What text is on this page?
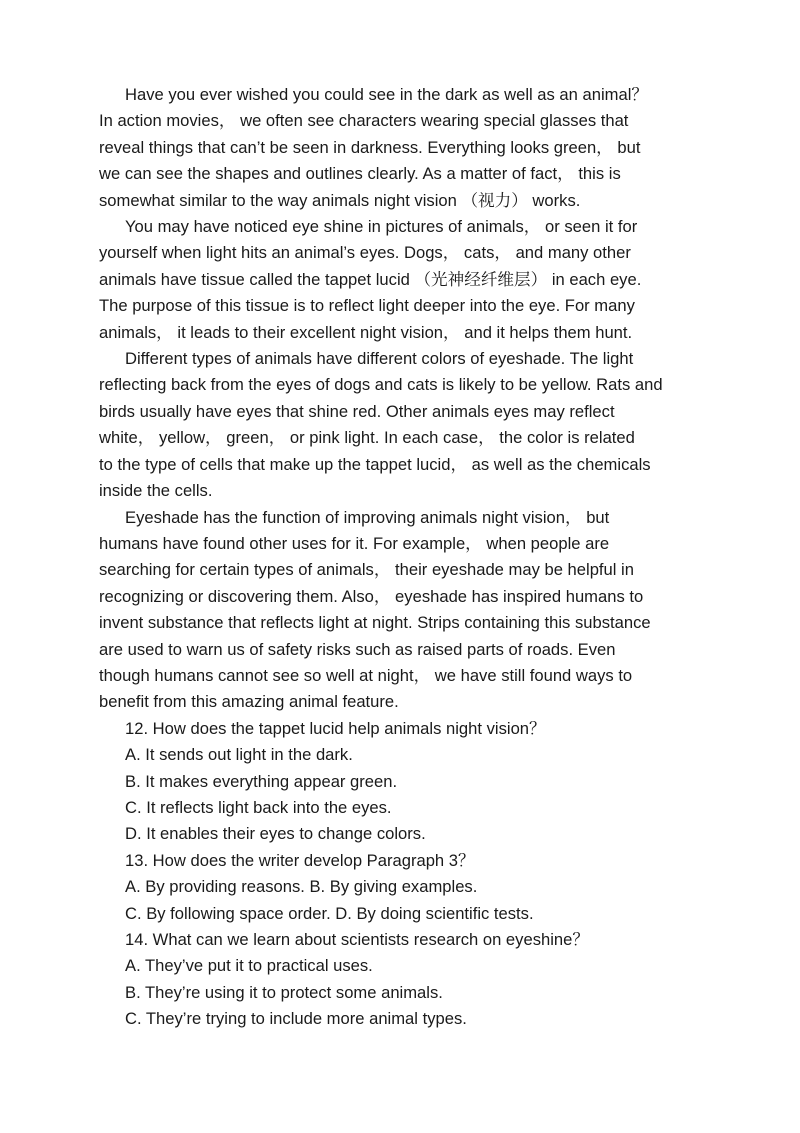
Have you ever wished you could see in the dark as well as an animal？
In action movies， we often see characters wearing special glasses that
reveal things that can’t be seen in darkness. Everything looks green， but
we can see the shapes and outlines clearly. As a matter of fact， this is
somewhat similar to the way animals night vision （视力） works.

You may have noticed eye shine in pictures of animals， or seen it for
yourself when light hits an animal’s eyes. Dogs， cats， and many other
animals have tissue called the tappet lucid （光神经纤维层） in each eye.
The purpose of this tissue is to reflect light deeper into the eye. For many
animals， it leads to their excellent night vision， and it helps them hunt.

Different types of animals have different colors of eyeshade. The light
reflecting back from the eyes of dogs and cats is likely to be yellow. Rats and
birds usually have eyes that shine red. Other animals eyes may reflect
white， yellow， green， or pink light. In each case， the color is related
to the type of cells that make up the tappet lucid， as well as the chemicals
inside the cells.

Eyeshade has the function of improving animals night vision， but
humans have found other uses for it. For example， when people are
searching for certain types of animals， their eyeshade may be helpful in
recognizing or discovering them. Also， eyeshade has inspired humans to
invent substance that reflects light at night. Strips containing this substance
are used to warn us of safety risks such as raised parts of roads. Even
though humans cannot see so well at night， we have still found ways to
benefit from this amazing animal feature.

12. How does the tappet lucid help animals night vision？

A. It sends out light in the dark.

B. It makes everything appear green.

C. It reflects light back into the eyes.

D. It enables their eyes to change colors.

13. How does the writer develop Paragraph 3？

A. By providing reasons. B. By giving examples.

C. By following space order. D. By doing scientific tests.

14. What can we learn about scientists research on eyeshine？

A. They’ve put it to practical uses.

B. They’re using it to protect some animals.

C. They’re trying to include more animal types.
